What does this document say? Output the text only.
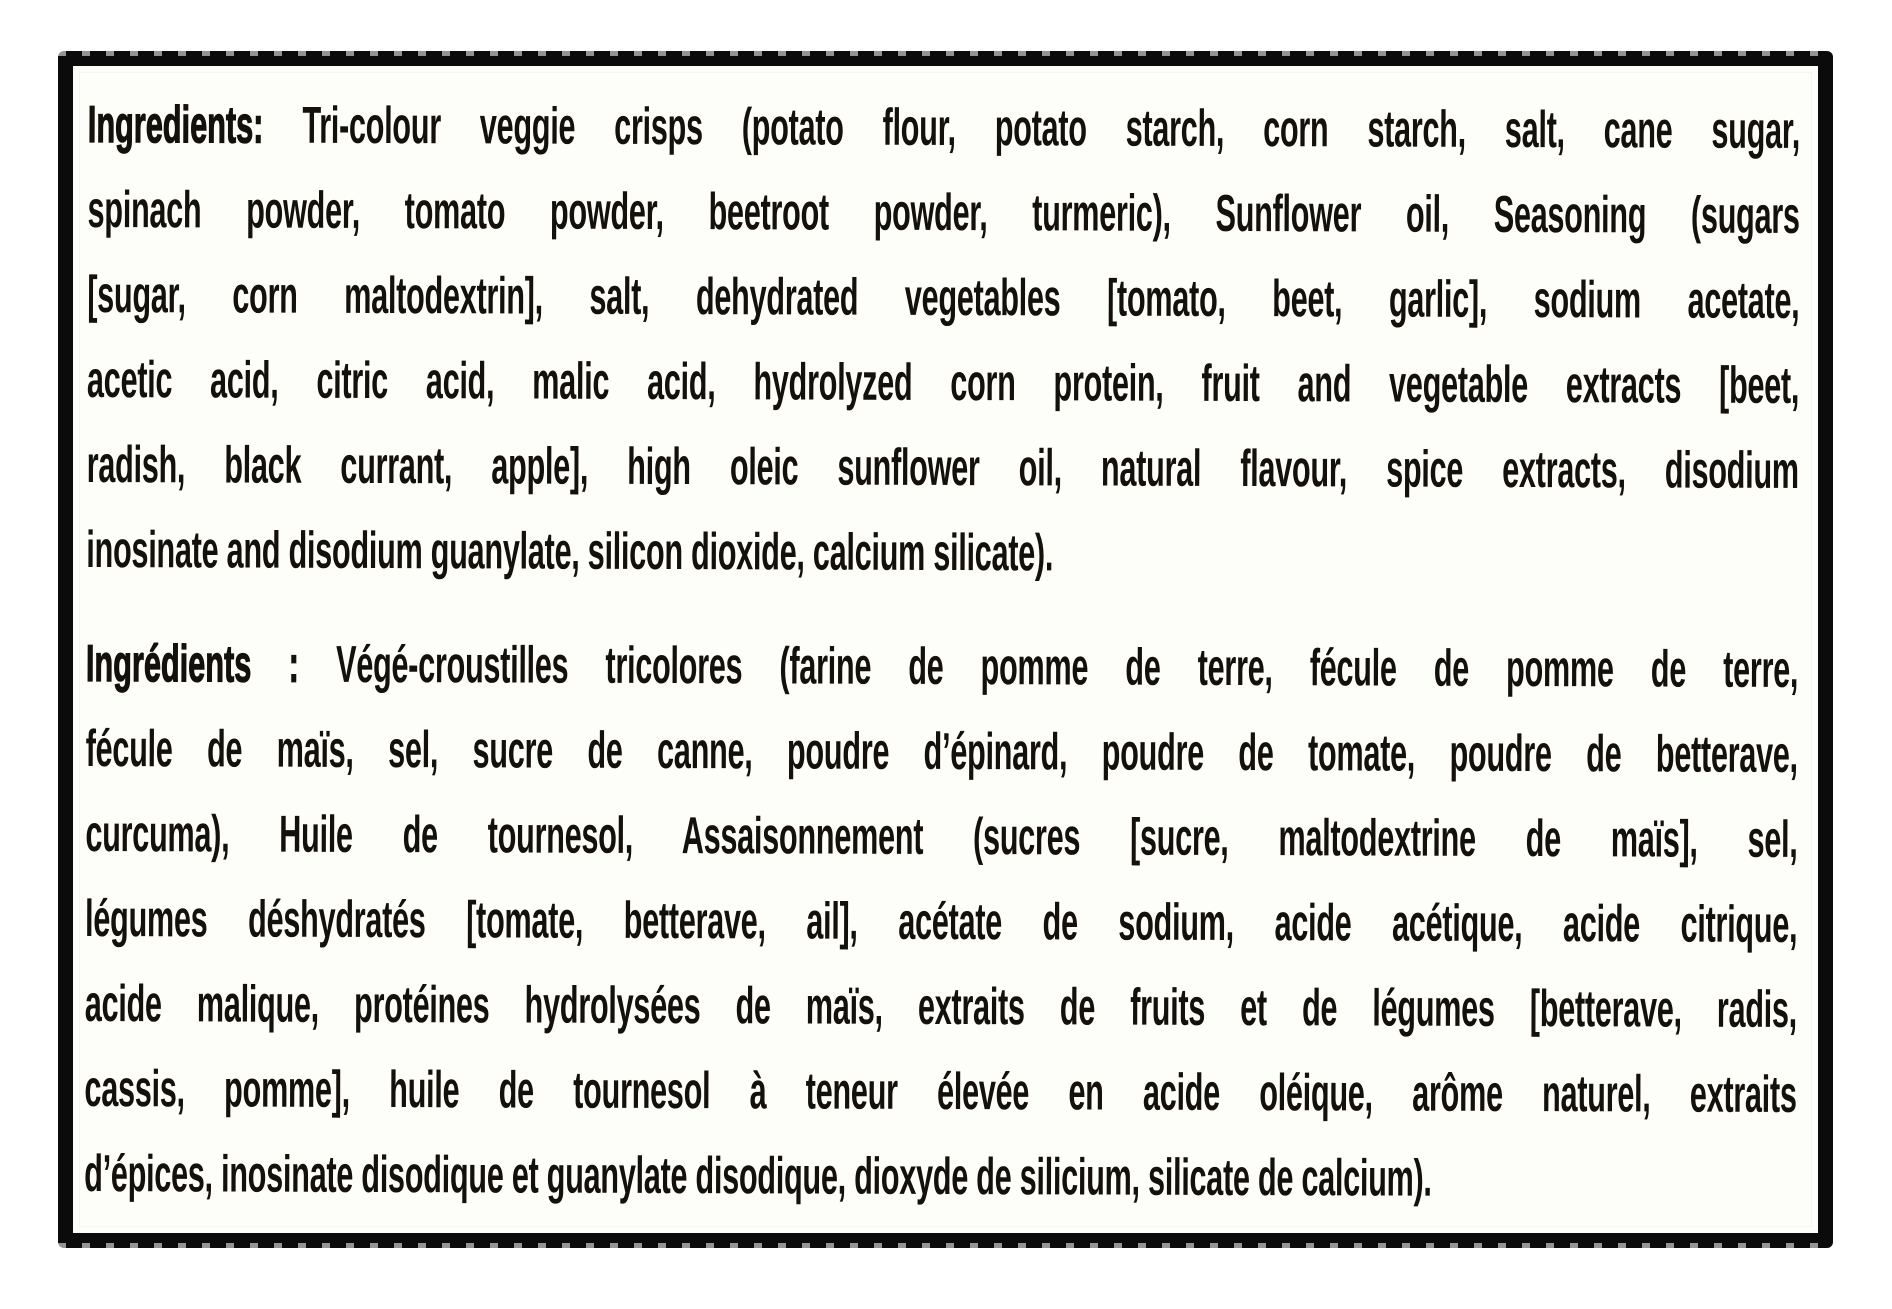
Ingredients: Tri-colour veggie crisps (potato flour, potato starch, corn starch, salt, cane sugar,
spinach powder, tomato powder, beetroot powder, turmeric), Sunflower oil, Seasoning (sugars
[sugar, corn maltodextrin], salt, dehydrated vegetables [tomato, beet, garlic], sodium acetate,
acetic acid, citric acid, malic acid, hydrolyzed corn protein, fruit and vegetable extracts [beet,
radish, black currant, apple], high oleic sunflower oil, natural flavour, spice extracts, disodium
inosinate and disodium guanylate, silicon dioxide, calcium silicate).
Ingrédients : Végé-croustilles tricolores (farine de pomme de terre, fécule de pomme de terre,
fécule de maïs, sel, sucre de canne, poudre d’épinard, poudre de tomate, poudre de betterave,
curcuma), Huile de tournesol, Assaisonnement (sucres [sucre, maltodextrine de maïs], sel,
légumes déshydratés [tomate, betterave, ail], acétate de sodium, acide acétique, acide citrique,
acide malique, protéines hydrolysées de maïs, extraits de fruits et de légumes [betterave, radis,
cassis, pomme], huile de tournesol à teneur élevée en acide oléique, arôme naturel, extraits
d’épices, inosinate disodique et guanylate disodique, dioxyde de silicium, silicate de calcium).
